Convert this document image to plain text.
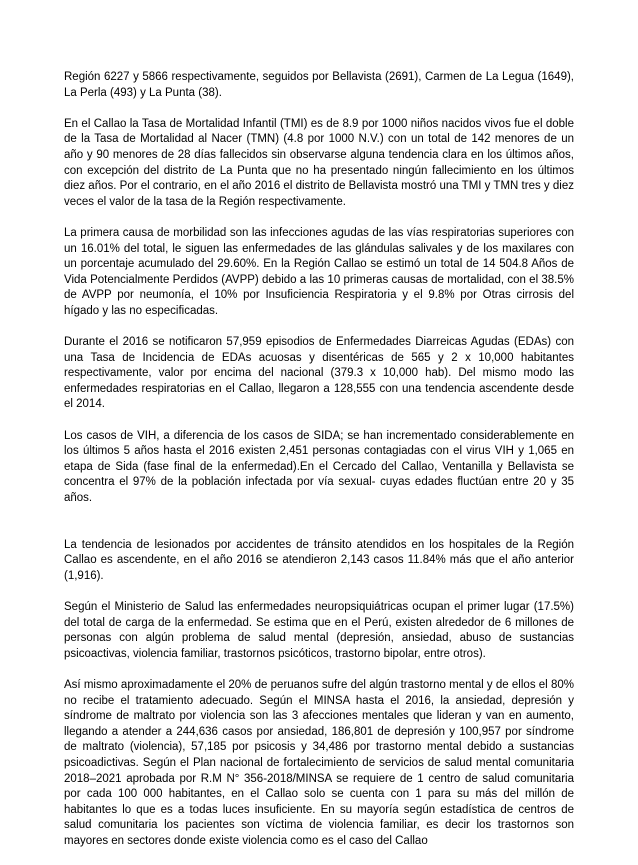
Región 6227 y 5866 respectivamente, seguidos por Bellavista (2691), Carmen de La Legua (1649), La Perla (493) y La Punta (38).

En el Callao la Tasa de Mortalidad Infantil (TMI) es de 8.9 por 1000 niños nacidos vivos fue el doble de la Tasa de Mortalidad al Nacer (TMN) (4.8 por 1000 N.V.) con un total de 142 menores de un año y 90 menores de 28 días fallecidos sin observarse alguna tendencia clara en los últimos años, con excepción del distrito de La Punta que no ha presentado ningún fallecimiento en los últimos diez años. Por el contrario, en el año 2016 el distrito de Bellavista mostró una TMI y TMN tres y diez veces el valor de la tasa de la Región respectivamente.

La primera causa de morbilidad son las infecciones agudas de las vías respiratorias superiores con un 16.01% del total, le siguen las enfermedades de las glándulas salivales y de los maxilares con un porcentaje acumulado del 29.60%. En la Región Callao se estimó un total de 14 504.8 Años de Vida Potencialmente Perdidos (AVPP) debido a las 10 primeras causas de mortalidad, con el 38.5% de AVPP por neumonía, el 10% por Insuficiencia Respiratoria y el 9.8% por Otras cirrosis del hígado y las no especificadas.

Durante el 2016 se notificaron 57,959 episodios de Enfermedades Diarreicas Agudas (EDAs) con una Tasa de Incidencia de EDAs acuosas y disentéricas de 565 y 2 x 10,000 habitantes respectivamente, valor por encima del nacional (379.3 x 10,000 hab). Del mismo modo las enfermedades respiratorias en el Callao, llegaron a 128,555 con una tendencia ascendente desde el 2014.

Los casos de VIH, a diferencia de los casos de SIDA; se han incrementado considerablemente en los últimos 5 años hasta el 2016 existen 2,451 personas contagiadas con el virus VIH y 1,065 en etapa de Sida (fase final de la enfermedad).En el Cercado del Callao, Ventanilla y Bellavista se concentra el 97% de la población infectada por vía sexual- cuyas edades fluctúan entre 20 y 35 años.

La tendencia de lesionados por accidentes de tránsito atendidos en los hospitales de la Región Callao es ascendente, en el año 2016 se atendieron 2,143 casos 11.84% más que el año anterior (1,916).

Según el Ministerio de Salud las enfermedades neuropsiquiátricas ocupan el primer lugar (17.5%) del total de carga de la enfermedad. Se estima que en el Perú, existen alrededor de 6 millones de personas con algún problema de salud mental (depresión, ansiedad, abuso de sustancias psicoactivas, violencia familiar, trastornos psicóticos, trastorno bipolar, entre otros).

Así mismo aproximadamente el 20% de peruanos sufre del algún trastorno mental y de ellos el 80% no recibe el tratamiento adecuado. Según el MINSA hasta el 2016, la ansiedad, depresión y síndrome de maltrato por violencia son las 3 afecciones mentales que lideran y van en aumento, llegando a atender a 244,636 casos por ansiedad, 186,801 de depresión y 100,957 por síndrome de maltrato (violencia), 57,185 por psicosis y 34,486 por trastorno mental debido a sustancias psicoadictivas. Según el Plan nacional de fortalecimiento de servicios de salud mental comunitaria 2018–2021 aprobada por R.M N° 356-2018/MINSA se requiere de 1 centro de salud comunitaria por cada 100 000 habitantes, en el Callao solo se cuenta con 1 para su más del millón de habitantes lo que es a todas luces insuficiente. En su mayoría según estadística de centros de salud comunitaria los pacientes son víctima de violencia familiar, es decir los trastornos son mayores en sectores donde existe violencia como es el caso del Callao
